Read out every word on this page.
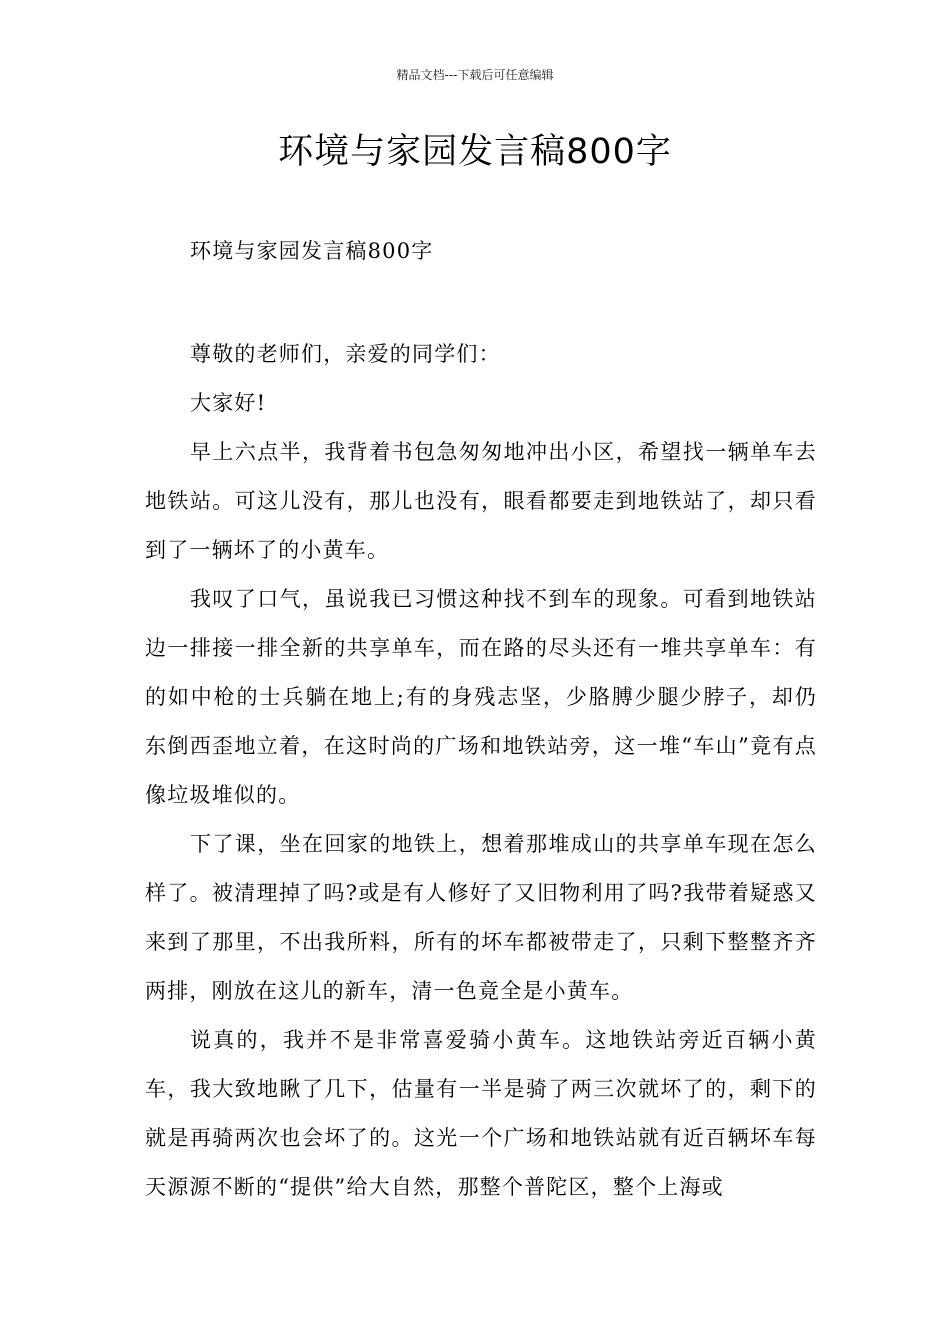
精品文档---下载后可任意编辑
环境与家园发言稿800字
环境与家园发言稿800字

尊敬的老师们，亲爱的同学们：

大家好!

早上六点半，我背着书包急匆匆地冲出小区，希望找一辆单车去地铁站。可这儿没有，那儿也没有，眼看都要走到地铁站了，却只看到了一辆坏了的小黄车。

我叹了口气，虽说我已习惯这种找不到车的现象。可看到地铁站边一排接一排全新的共享单车，而在路的尽头还有一堆共享单车：有的如中枪的士兵躺在地上;有的身残志坚，少胳膊少腿少脖子，却仍东倒西歪地立着，在这时尚的广场和地铁站旁，这一堆“车山”竟有点像垃圾堆似的。

下了课，坐在回家的地铁上，想着那堆成山的共享单车现在怎么样了。被清理掉了吗?或是有人修好了又旧物利用了吗?我带着疑惑又来到了那里，不出我所料，所有的坏车都被带走了，只剩下整整齐齐两排，刚放在这儿的新车，清一色竟全是小黄车。

说真的，我并不是非常喜爱骑小黄车。这地铁站旁近百辆小黄车，我大致地瞅了几下，估量有一半是骑了两三次就坏了的，剩下的就是再骑两次也会坏了的。这光一个广场和地铁站就有近百辆坏车每天源源不断的“提供”给大自然，那整个普陀区，整个上海或
